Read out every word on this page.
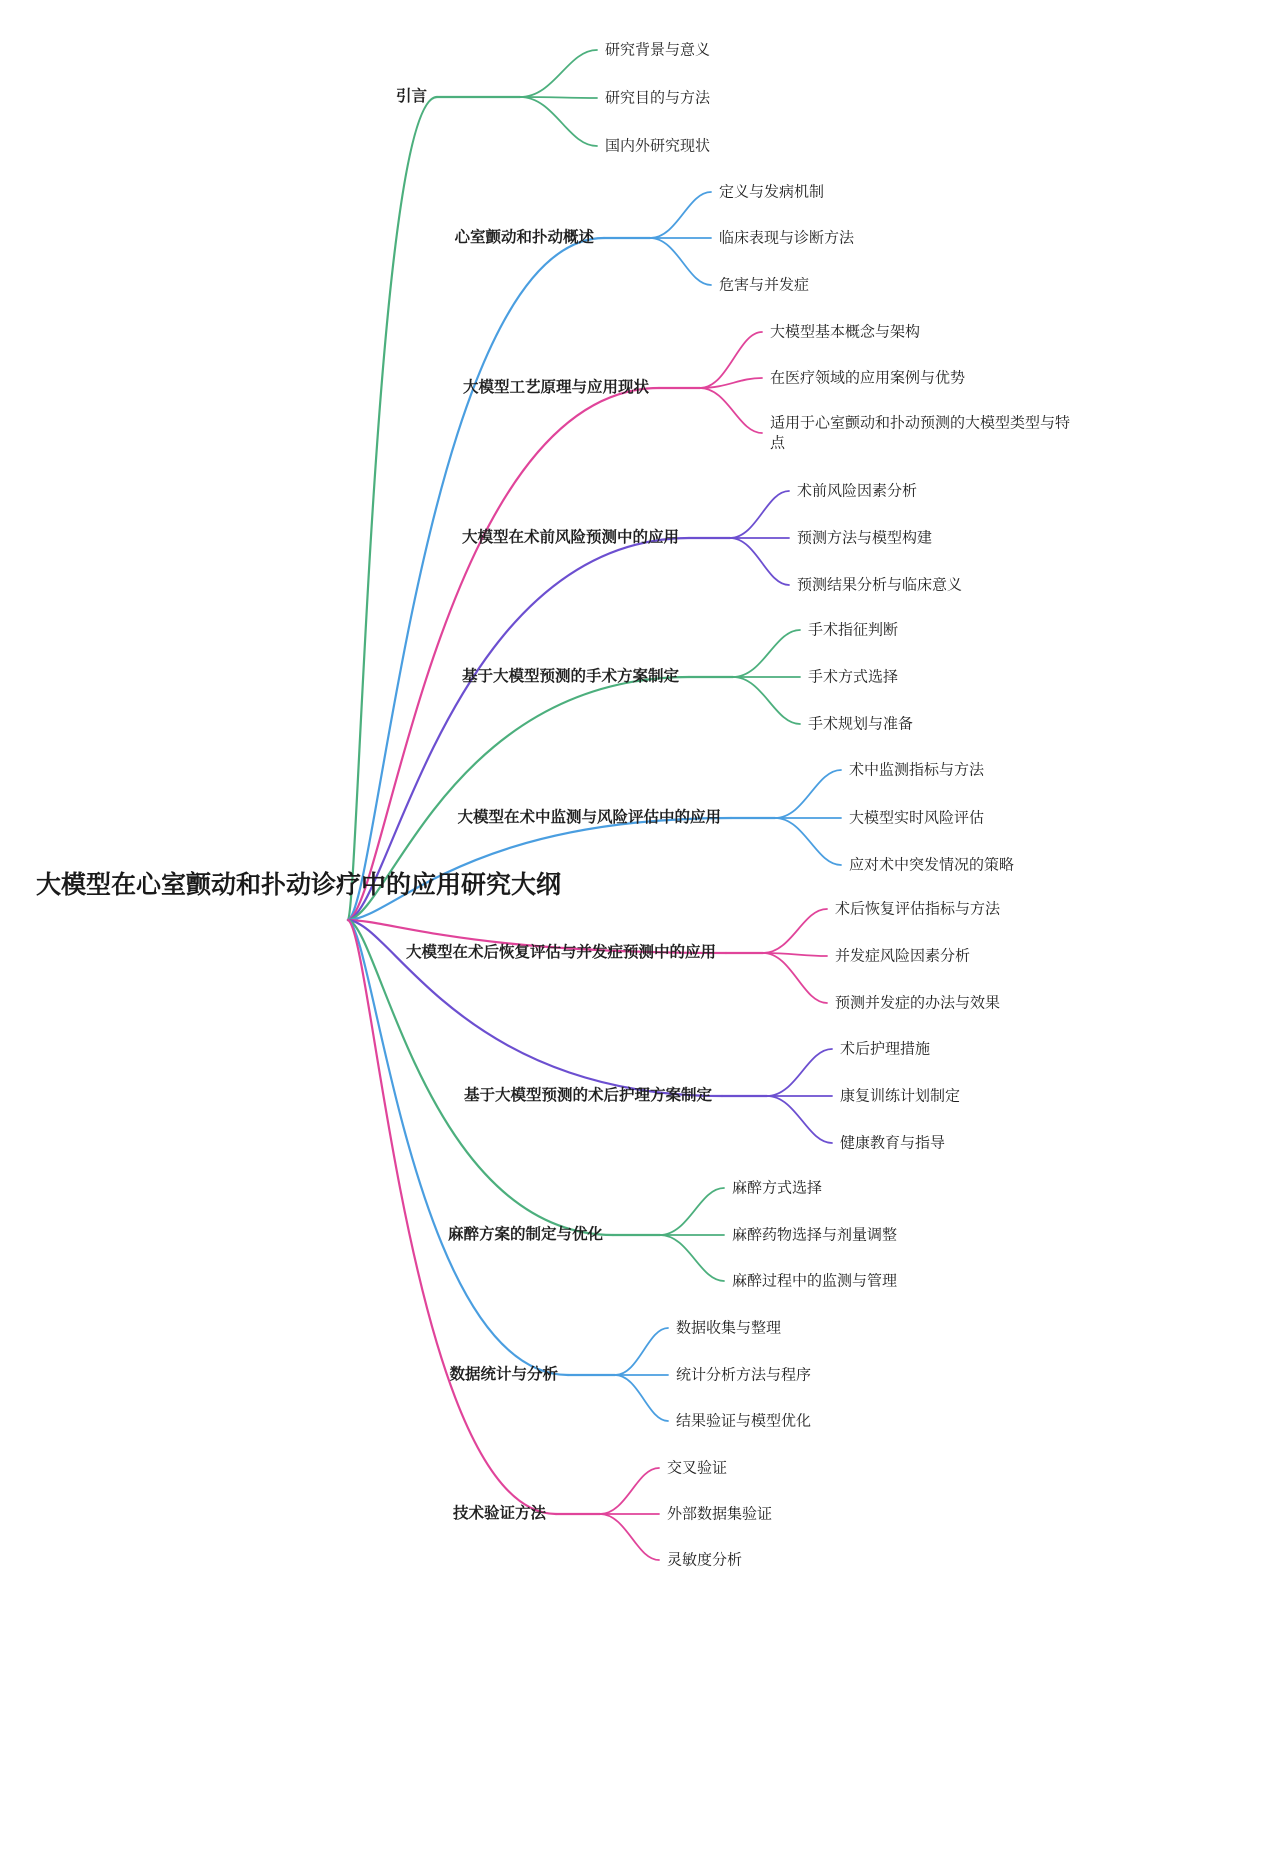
大模型在心室颤动和扑动诊疗中的应用研究大纲
引言
研究背景与意义
研究目的与方法
国内外研究现状
心室颤动和扑动概述
定义与发病机制
临床表现与诊断方法
危害与并发症
大模型工艺原理与应用现状
大模型基本概念与架构
在医疗领域的应用案例与优势
适用于心室颤动和扑动预测的大模型类型与特点
大模型在术前风险预测中的应用
术前风险因素分析
预测方法与模型构建
预测结果分析与临床意义
基于大模型预测的手术方案制定
手术指征判断
手术方式选择
手术规划与准备
大模型在术中监测与风险评估中的应用
术中监测指标与方法
大模型实时风险评估
应对术中突发情况的策略
大模型在术后恢复评估与并发症预测中的应用
术后恢复评估指标与方法
并发症风险因素分析
预测并发症的办法与效果
基于大模型预测的术后护理方案制定
术后护理措施
康复训练计划制定
健康教育与指导
麻醉方案的制定与优化
麻醉方式选择
麻醉药物选择与剂量调整
麻醉过程中的监测与管理
数据统计与分析
数据收集与整理
统计分析方法与程序
结果验证与模型优化
技术验证方法
交叉验证
外部数据集验证
灵敏度分析
